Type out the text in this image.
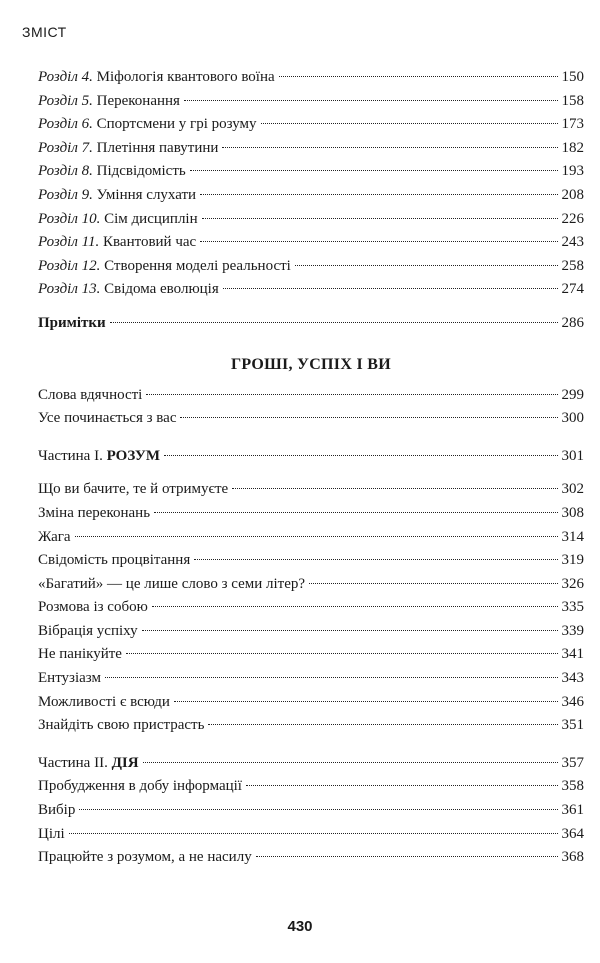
ЗМІСТ
Розділ 4. Міфологія квантового воїна	150
Розділ 5. Переконання	158
Розділ 6. Спортсмени у грі розуму	173
Розділ 7. Плетіння павутини	182
Розділ 8. Підсвідомість	193
Розділ 9. Уміння слухати	208
Розділ 10. Сім дисциплін	226
Розділ 11. Квантовий час	243
Розділ 12. Створення моделі реальності	258
Розділ 13. Свідома еволюція	274
Примітки	286
ГРОШІ, УСПІХ І ВИ
Слова вдячності	299
Усе починається з вас	300
Частина I. РОЗУМ	301
Що ви бачите, те й отримуєте	302
Зміна переконань	308
Жага	314
Свідомість процвітання	319
«Багатий» — це лише слово з семи літер?	326
Розмова із собою	335
Вібрація успіху	339
Не панікуйте	341
Ентузіазм	343
Можливості є всюди	346
Знайдіть свою пристрасть	351
Частина II. ДІЯ	357
Пробудження в добу інформації	358
Вибір	361
Цілі	364
Працюйте з розумом, а не насилу	368
430
